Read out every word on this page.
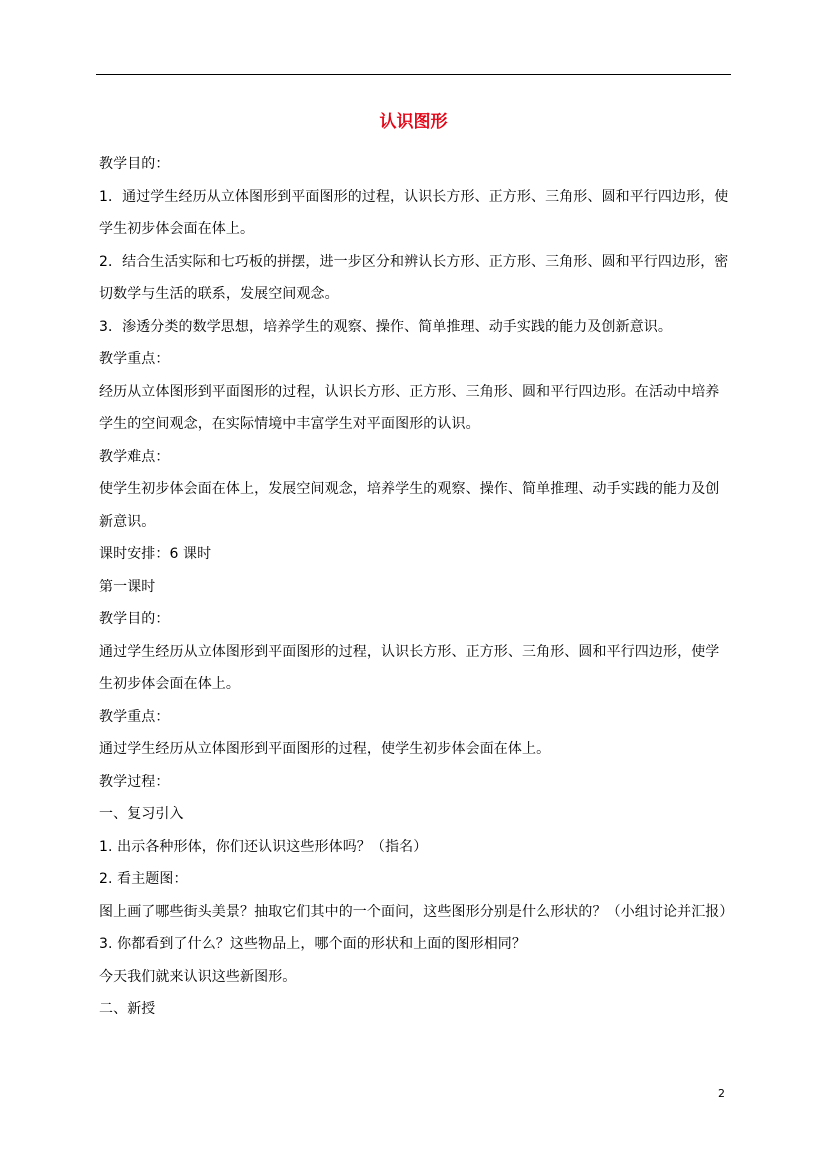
认识图形

教学目的：

1．通过学生经历从立体图形到平面图形的过程，认识长方形、正方形、三角形、圆和平行四边形，使学生初步体会面在体上。

2．结合生活实际和七巧板的拼摆，进一步区分和辨认长方形、正方形、三角形、圆和平行四边形，密切数学与生活的联系，发展空间观念。

3．渗透分类的数学思想，培养学生的观察、操作、简单推理、动手实践的能力及创新意识。

教学重点：

经历从立体图形到平面图形的过程，认识长方形、正方形、三角形、圆和平行四边形。在活动中培养学生的空间观念，在实际情境中丰富学生对平面图形的认识。

教学难点：

使学生初步体会面在体上，发展空间观念，培养学生的观察、操作、简单推理、动手实践的能力及创新意识。

课时安排：6 课时

第一课时

教学目的：

通过学生经历从立体图形到平面图形的过程，认识长方形、正方形、三角形、圆和平行四边形，使学生初步体会面在体上。

教学重点：

通过学生经历从立体图形到平面图形的过程，使学生初步体会面在体上。

教学过程：

一、复习引入

1. 出示各种形体，你们还认识这些形体吗？（指名）

2. 看主题图：

图上画了哪些街头美景？抽取它们其中的一个面问，这些图形分别是什么形状的？（小组讨论并汇报）

3. 你都看到了什么？这些物品上，哪个面的形状和上面的图形相同？

今天我们就来认识这些新图形。

二、新授

2
